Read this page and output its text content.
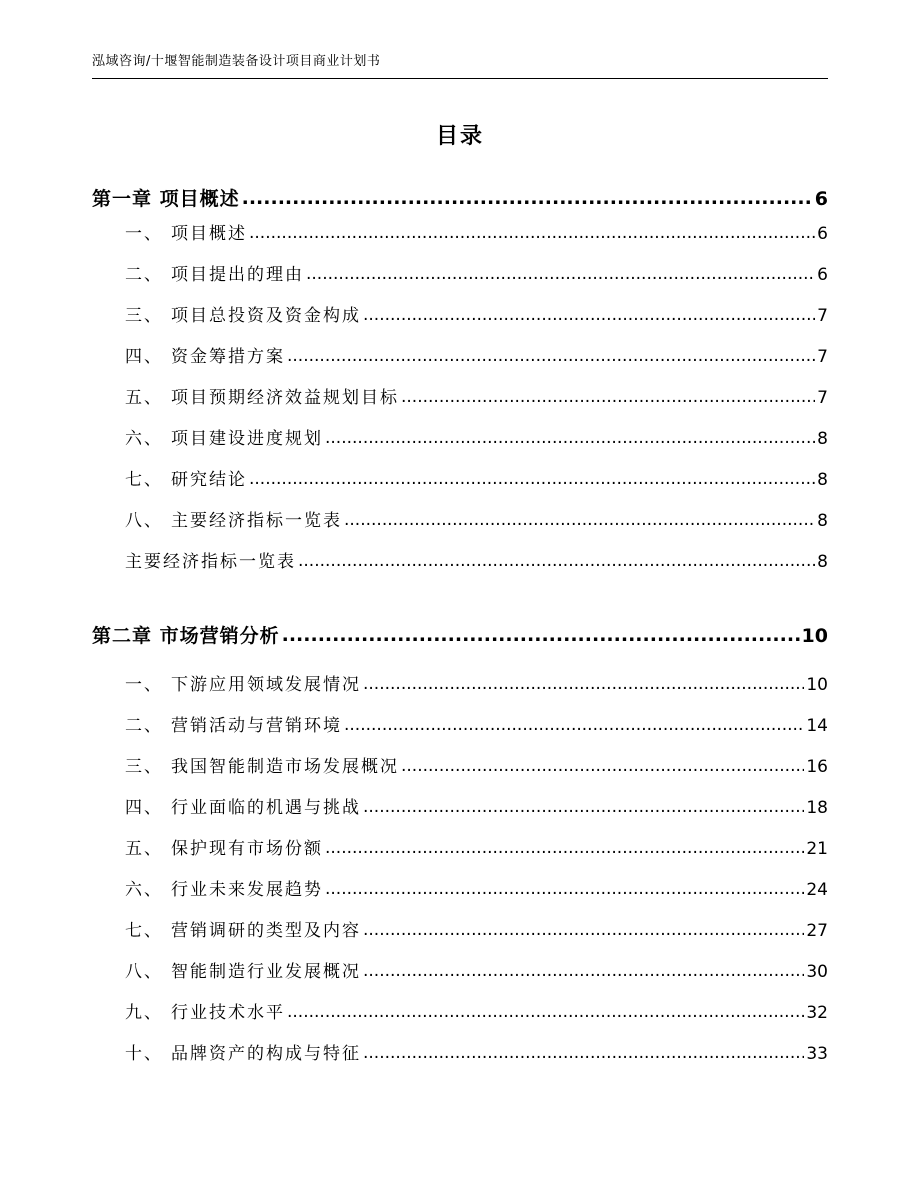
泓域咨询/十堰智能制造装备设计项目商业计划书
目录
第一章 项目概述 .....	6
一、 项目概述 .....	6
二、 项目提出的理由 .....	6
三、 项目总投资及资金构成 .....	7
四、 资金筹措方案 .....	7
五、 项目预期经济效益规划目标 .....	7
六、 项目建设进度规划 .....	8
七、 研究结论 .....	8
八、 主要经济指标一览表 .....	8
主要经济指标一览表 .....	8
第二章 市场营销分析 .....	10
一、 下游应用领域发展情况 .....	10
二、 营销活动与营销环境 .....	14
三、 我国智能制造市场发展概况 .....	16
四、 行业面临的机遇与挑战 .....	18
五、 保护现有市场份额 .....	21
六、 行业未来发展趋势 .....	24
七、 营销调研的类型及内容 .....	27
八、 智能制造行业发展概况 .....	30
九、 行业技术水平 .....	32
十、 品牌资产的构成与特征 .....	33
